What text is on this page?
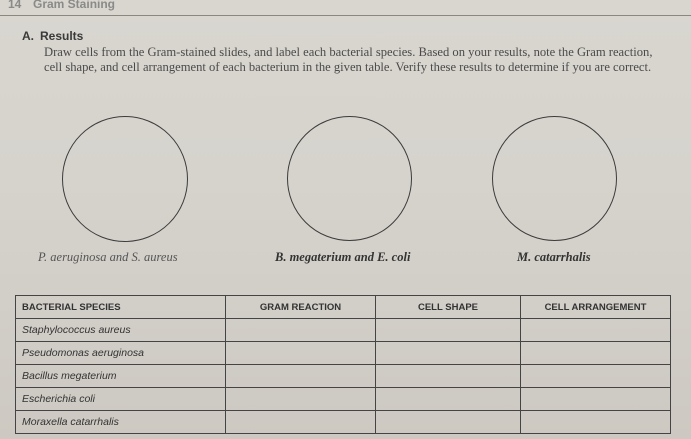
14 Gram Staining
A. Results
Draw cells from the Gram-stained slides, and label each bacterial species. Based on your results, note the Gram reaction, cell shape, and cell arrangement of each bacterium in the given table. Verify these results to determine if you are correct.
P. aeruginosa and S. aureus	B. megaterium and E. coli	M. catarrhalis
BACTERIAL SPECIES	GRAM REACTION	CELL SHAPE	CELL ARRANGEMENT
Staphylococcus aureus			
Pseudomonas aeruginosa			
Bacillus megaterium			
Escherichia coli			
Moraxella catarrhalis			
